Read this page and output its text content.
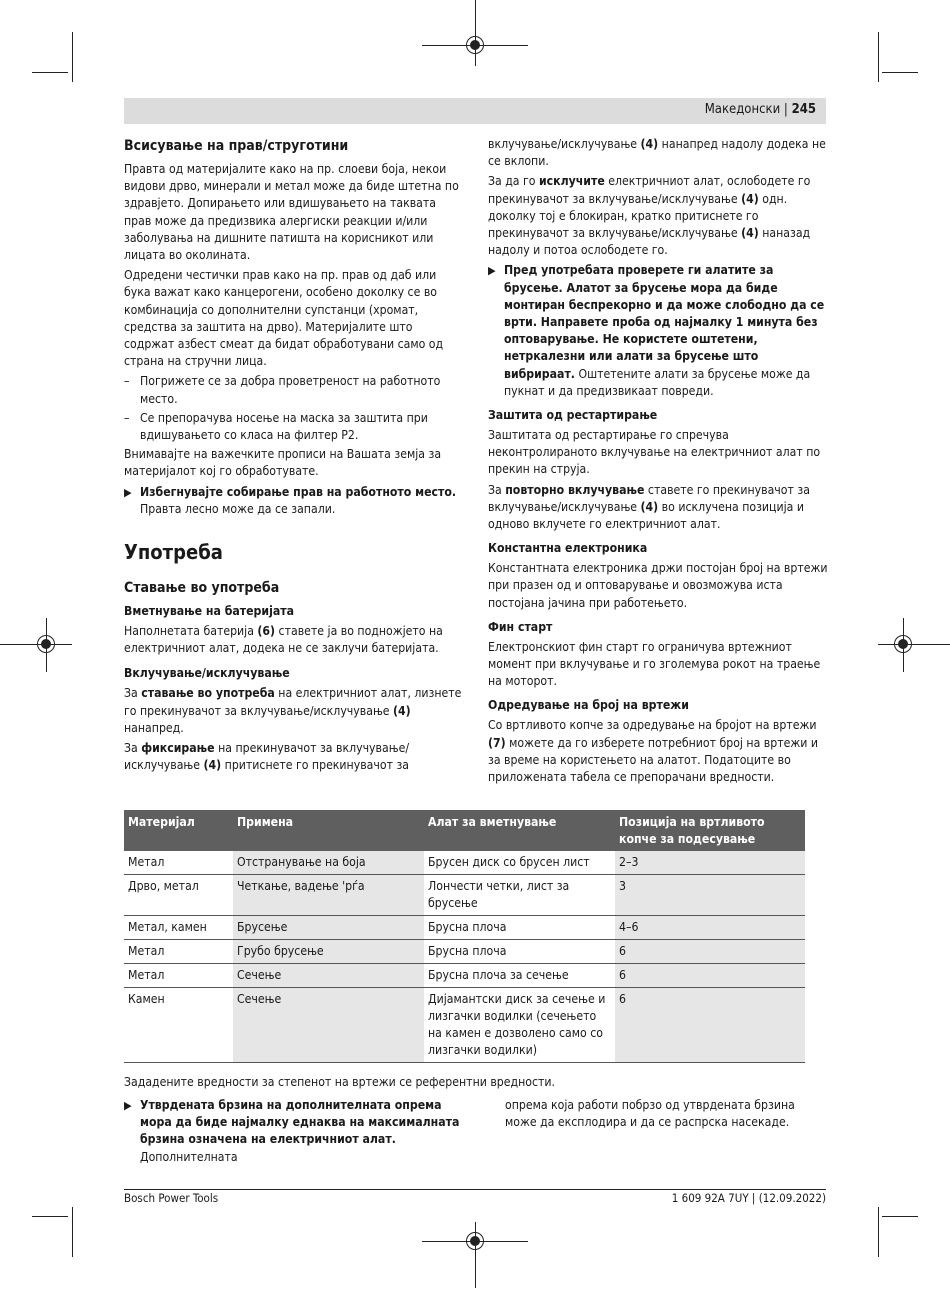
Македонски | 245
Всисување на прав/струготини

Правта од материјалите како на пр. слоеви боја, некои видови дрво, минерали и метал може да биде штетна по здравјето. Допирањето или вдишувањето на таквата прав може да предизвика алергиски реакции и/или заболувања на дишните патишта на корисникот или лицата во околината.

Одредени честички прав како на пр. прав од даб или бука важат како канцерогени, особено доколку се во комбинација со дополнителни супстанци (хромат, средства за заштита на дрво). Материјалите што содржат азбест смеат да бидат обработувани само од страна на стручни лица.

– Погрижете се за добра проветреност на работното место.
– Се препорачува носење на маска за заштита при вдишувањето со класа на филтер P2.

Внимавајте на важечките прописи на Вашата земја за материјалот кој го обработувате.

▶ Избегнувајте собирање прав на работното место. Правта лесно може да се запали.
Употреба
Ставање во употреба
Вметнување на батеријата

Наполнетата батерија (6) ставете ја во подножјето на електричниот алат, додека не се заклучи батеријата.

Вклучување/исклучување

За ставање во употреба на електричниот алат, лизнете го прекинувачот за вклучување/исклучување (4) нанапред.

За фиксирање на прекинувачот за вклучување/исклучување (4) притиснете го прекинувачот за

вклучување/исклучување (4) нанапред надолу додека не се вклопи.

За да го исклучите електричниот алат, ослободете го прекинувачот за вклучување/исклучување (4) одн. доколку тој е блокиран, кратко притиснете го прекинувачот за вклучување/исклучување (4) наназад надолу и потоа ослободете го.

▶ Пред употребата проверете ги алатите за брусење. Алатот за брусење мора да биде монтиран беспрекорно и да може слободно да се врти. Направете проба од најмалку 1 минута без оптоварување. Не користете оштетени, нетркалезни или алати за брусење што вибрираат. Оштетените алати за брусење може да пукнат и да предизвикаат повреди.
Заштита од рестартирање

Заштитата од рестартирање го спречува неконтролираното вклучување на електричниот алат по прекин на струја.

За повторно вклучување ставете го прекинувачот за вклучување/исклучување (4) во исклучена позиција и одново вклучете го електричниот алат.

Константна електроника

Константната електроника држи постојан број на вртежи при празен од и оптоварување и овозможува иста постојана јачина при работењето.

Фин старт

Електронскиот фин старт го ограничува вртежниот момент при вклучување и го зголемува рокот на траење на моторот.

Одредување на број на вртежи

Со вртливото копче за одредување на бројот на вртежи (7) можете да го изберете потребниот број на вртежи и за време на користењето на алатот. Податоците во приложената табела се препорачани вредности.

Материјал	Примена	Алат за вметнување	Позиција на вртливото копче за подесување
Метал	Отстранување на боја	Брусен диск со брусен лист	2–3
Дрво, метал	Четкање, вадење 'рѓа	Лончести четки, лист за брусење	3
Метал, камен	Брусење	Брусна плоча	4–6
Метал	Грубо брусење	Брусна плоча	6
Метал	Сечење	Брусна плоча за сечење	6
Камен	Сечење	Дијамантски диск за сечење и лизгачки водилки (сечењето на камен е дозволено само со лизгачки водилки)	6
Зададените вредности за степенот на вртежи се референтни вредности.
▶ Утврдената брзина на дополнителната опрема мора да биде најмалку еднаква на максималната брзина означена на електричниот алат. Дополнителната
опрема која работи побрзо од утврдената брзина може да експлодира и да се распрска насекаде.
Bosch Power Tools	1 609 92A 7UY | (12.09.2022)
